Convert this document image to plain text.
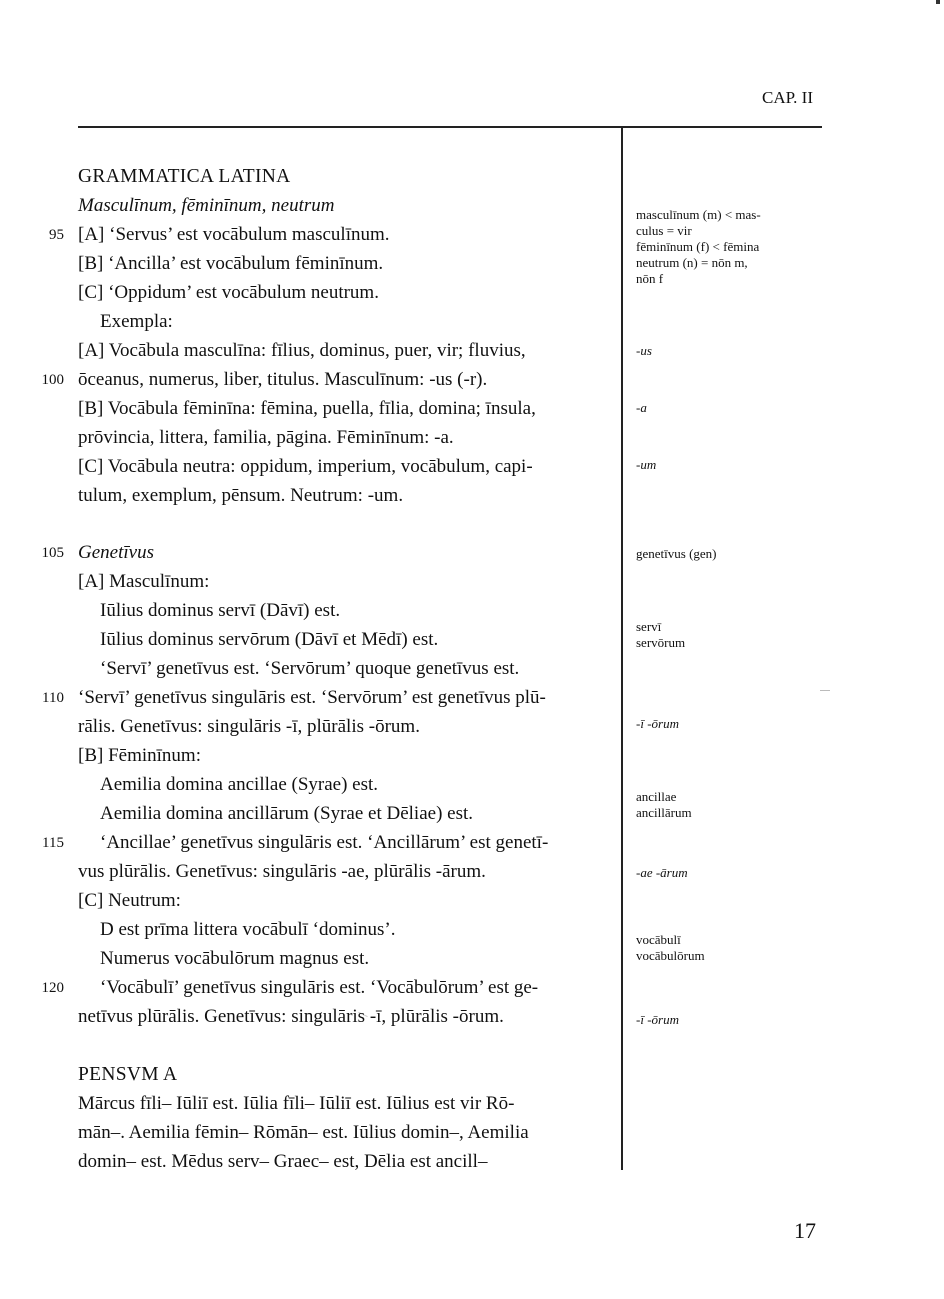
CAP. II
GRAMMATICA LATINA
Masculīnum, fēminīnum, neutrum
[A] ‘Servus’ est vocābulum masculīnum.
[B] ‘Ancilla’ est vocābulum fēminīnum.
[C] ‘Oppidum’ est vocābulum neutrum.
Exempla:
[A] Vocābula masculīna: fīlius, dominus, puer, vir; fluvius,
ōceanus, numerus, liber, titulus. Masculīnum: -us (-r).
[B] Vocābula fēminīna: fēmina, puella, fīlia, domina; īnsula,
prōvincia, littera, familia, pāgina. Fēminīnum: -a.
[C] Vocābula neutra: oppidum, imperium, vocābulum, capi-
tulum, exemplum, pēnsum. Neutrum: -um.
Genetīvus
[A] Masculīnum:
Iūlius dominus servī (Dāvī) est.
Iūlius dominus servōrum (Dāvī et Mēdī) est.
‘Servī’ genetīvus est. ‘Servōrum’ quoque genetīvus est.
‘Servī’ genetīvus singulāris est. ‘Servōrum’ est genetīvus plū-
rālis. Genetīvus: singulāris -ī, plūrālis -ōrum.
[B] Fēminīnum:
Aemilia domina ancillae (Syrae) est.
Aemilia domina ancillārum (Syrae et Dēliae) est.
‘Ancillae’ genetīvus singulāris est. ‘Ancillārum’ est genetī-
vus plūrālis. Genetīvus: singulāris -ae, plūrālis -ārum.
[C] Neutrum:
D est prīma littera vocābulī ‘dominus’.
Numerus vocābulōrum magnus est.
‘Vocābulī’ genetīvus singulāris est. ‘Vocābulōrum’ est ge-
netīvus plūrālis. Genetīvus: singulāris -ī, plūrālis -ōrum.
PENSVM A
Mārcus fīli– Iūliī est. Iūlia fīli– Iūliī est. Iūlius est vir Rō-
mān–. Aemilia fēmin– Rōmān– est. Iūlius domin–, Aemilia
domin– est. Mēdus serv– Graec– est, Dēlia est ancill–
95
100
105
110
115
120
masculīnum (m) < mas-
culus = vir
fēminīnum (f) < fēmina
neutrum (n) = nōn m,
nōn f
-us
-a
-um
genetīvus (gen)
servī
servōrum
-ī -ōrum
ancillae
ancillārum
-ae -ārum
vocābulī
vocābulōrum
-ī -ōrum
17
